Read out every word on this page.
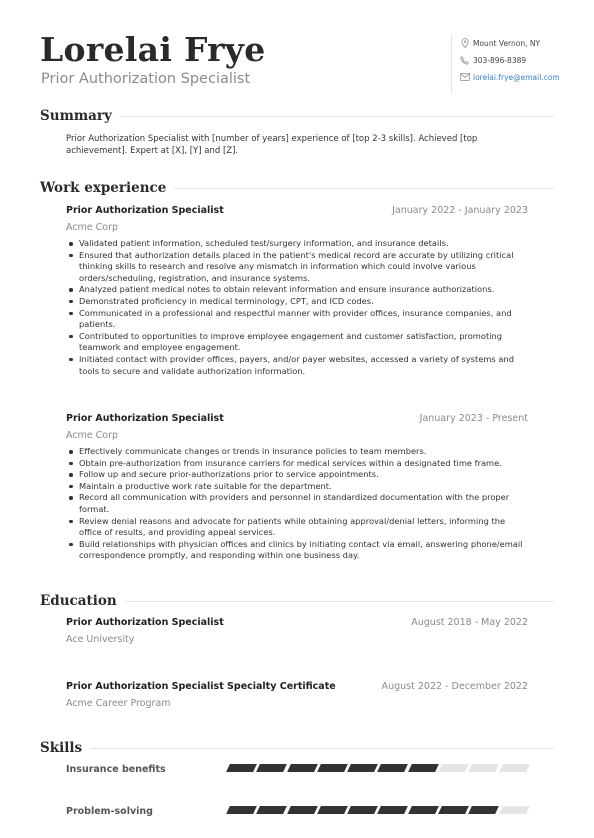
Lorelai Frye
Prior Authorization Specialist
Mount Vernon, NY
303-896-8389
lorelai.frye@email.com
Summary
Prior Authorization Specialist with [number of years] experience of [top 2-3 skills]. Achieved [top achievement]. Expert at [X], [Y] and [Z].
Work experience
Prior Authorization Specialist	January 2022 - January 2023
Acme Corp
Validated patient information, scheduled test/surgery information, and insurance details.
Ensured that authorization details placed in the patient's medical record are accurate by utilizing critical thinking skills to research and resolve any mismatch in information which could involve various orders/scheduling, registration, and insurance systems.
Analyzed patient medical notes to obtain relevant information and ensure insurance authorizations.
Demonstrated proficiency in medical terminology, CPT, and ICD codes.
Communicated in a professional and respectful manner with provider offices, insurance companies, and patients.
Contributed to opportunities to improve employee engagement and customer satisfaction, promoting teamwork and employee engagement.
Initiated contact with provider offices, payers, and/or payer websites, accessed a variety of systems and tools to secure and validate authorization information.
Prior Authorization Specialist	January 2023 - Present
Acme Corp
Effectively communicate changes or trends in insurance policies to team members.
Obtain pre-authorization from insurance carriers for medical services within a designated time frame.
Follow up and secure prior-authorizations prior to service appointments.
Maintain a productive work rate suitable for the department.
Record all communication with providers and personnel in standardized documentation with the proper format.
Review denial reasons and advocate for patients while obtaining approval/denial letters, informing the office of results, and providing appeal services.
Build relationships with physician offices and clinics by initiating contact via email, answering phone/email correspondence promptly, and responding within one business day.
Education
Prior Authorization Specialist	August 2018 - May 2022
Ace University
Prior Authorization Specialist Specialty Certificate	August 2022 - December 2022
Acme Career Program
Skills
Insurance benefits
Problem-solving
